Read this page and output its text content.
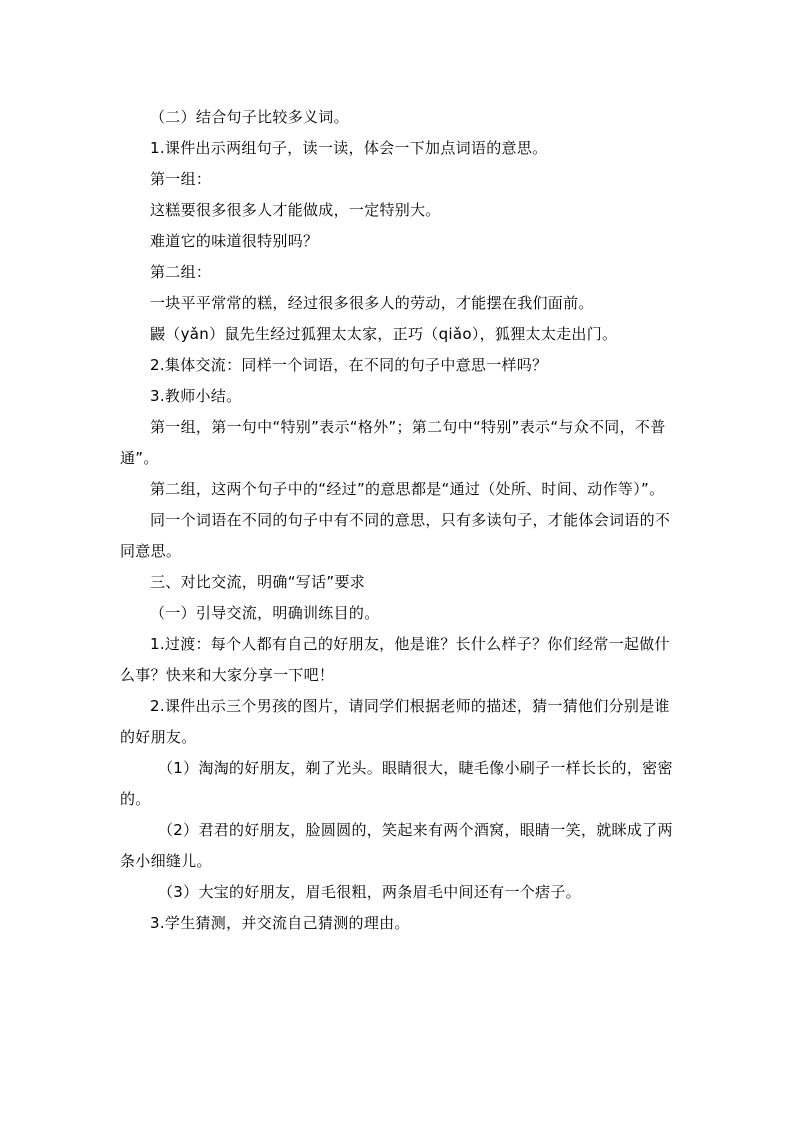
（二）结合句子比较多义词。

1.课件出示两组句子，读一读，体会一下加点词语的意思。

第一组：

这糕要很多很多人才能做成，一定特别大。

难道它的味道很特别吗？

第二组：

一块平平常常的糕，经过很多很多人的劳动，才能摆在我们面前。

鼹（yǎn）鼠先生经过狐狸太太家，正巧（qiǎo），狐狸太太走出门。

2.集体交流：同样一个词语，在不同的句子中意思一样吗？

3.教师小结。

第一组，第一句中“特别”表示“格外”；第二句中“特别”表示“与众不同，不普通”。

第二组，这两个句子中的“经过”的意思都是“通过（处所、时间、动作等）”。

同一个词语在不同的句子中有不同的意思，只有多读句子，才能体会词语的不同意思。

三、对比交流，明确“写话”要求

（一）引导交流，明确训练目的。

1.过渡：每个人都有自己的好朋友，他是谁？长什么样子？你们经常一起做什么事？快来和大家分享一下吧！

2.课件出示三个男孩的图片，请同学们根据老师的描述，猜一猜他们分别是谁的好朋友。

（1）淘淘的好朋友，剃了光头。眼睛很大，睫毛像小刷子一样长长的，密密的。

（2）君君的好朋友，脸圆圆的，笑起来有两个酒窝，眼睛一笑，就眯成了两条小细缝儿。

（3）大宝的好朋友，眉毛很粗，两条眉毛中间还有一个痞子。

3.学生猜测，并交流自己猜测的理由。
